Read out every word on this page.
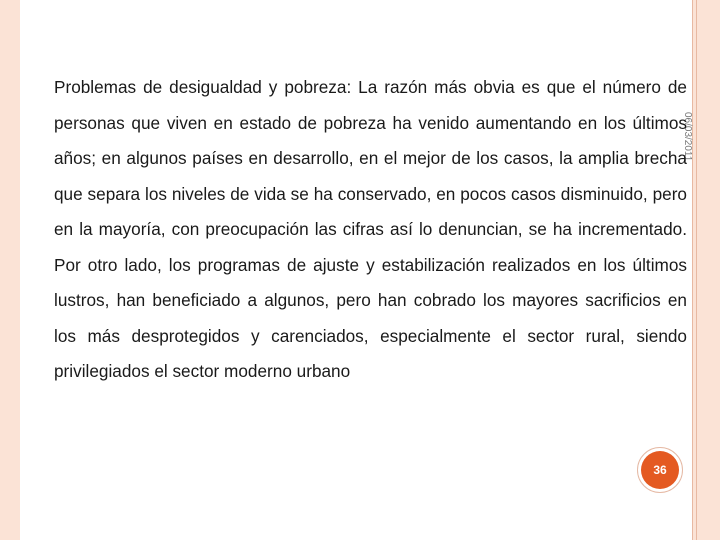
06/03/2011

Problemas de desigualdad y pobreza: La razón más obvia es que el número de personas que viven en estado de pobreza ha venido aumentando en los últimos años; en algunos países en desarrollo, en el mejor de los casos, la amplia brecha que separa los niveles de vida se ha conservado, en pocos casos disminuido, pero en la mayoría, con preocupación las cifras así lo denuncian, se ha incrementado. Por otro lado, los programas de ajuste y estabilización realizados en los últimos lustros, han beneficiado a algunos, pero han cobrado los mayores sacrificios en los más desprotegidos y carenciados, especialmente el sector rural, siendo privilegiados el sector moderno urbano

36
